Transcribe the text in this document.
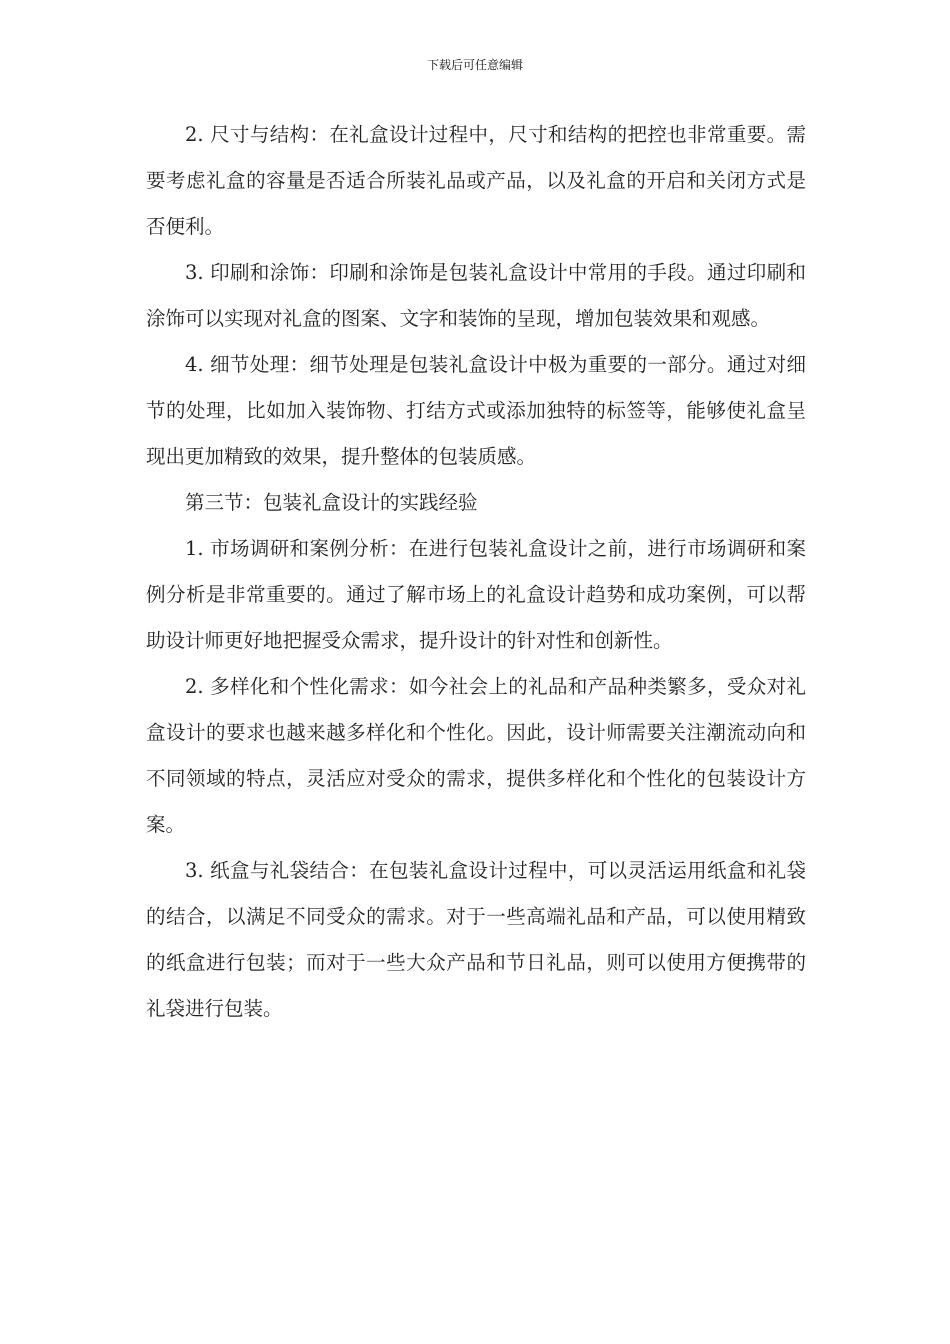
下载后可任意编辑

2. 尺寸与结构：在礼盒设计过程中，尺寸和结构的把控也非常重要。需要考虑礼盒的容量是否适合所装礼品或产品，以及礼盒的开启和关闭方式是否便利。

3. 印刷和涂饰：印刷和涂饰是包装礼盒设计中常用的手段。通过印刷和涂饰可以实现对礼盒的图案、文字和装饰的呈现，增加包装效果和观感。

4. 细节处理：细节处理是包装礼盒设计中极为重要的一部分。通过对细节的处理，比如加入装饰物、打结方式或添加独特的标签等，能够使礼盒呈现出更加精致的效果，提升整体的包装质感。

第三节：包装礼盒设计的实践经验

1. 市场调研和案例分析：在进行包装礼盒设计之前，进行市场调研和案例分析是非常重要的。通过了解市场上的礼盒设计趋势和成功案例，可以帮助设计师更好地把握受众需求，提升设计的针对性和创新性。

2. 多样化和个性化需求：如今社会上的礼品和产品种类繁多，受众对礼盒设计的要求也越来越多样化和个性化。因此，设计师需要关注潮流动向和不同领域的特点，灵活应对受众的需求，提供多样化和个性化的包装设计方案。

3. 纸盒与礼袋结合：在包装礼盒设计过程中，可以灵活运用纸盒和礼袋的结合，以满足不同受众的需求。对于一些高端礼品和产品，可以使用精致的纸盒进行包装；而对于一些大众产品和节日礼品，则可以使用方便携带的礼袋进行包装。
